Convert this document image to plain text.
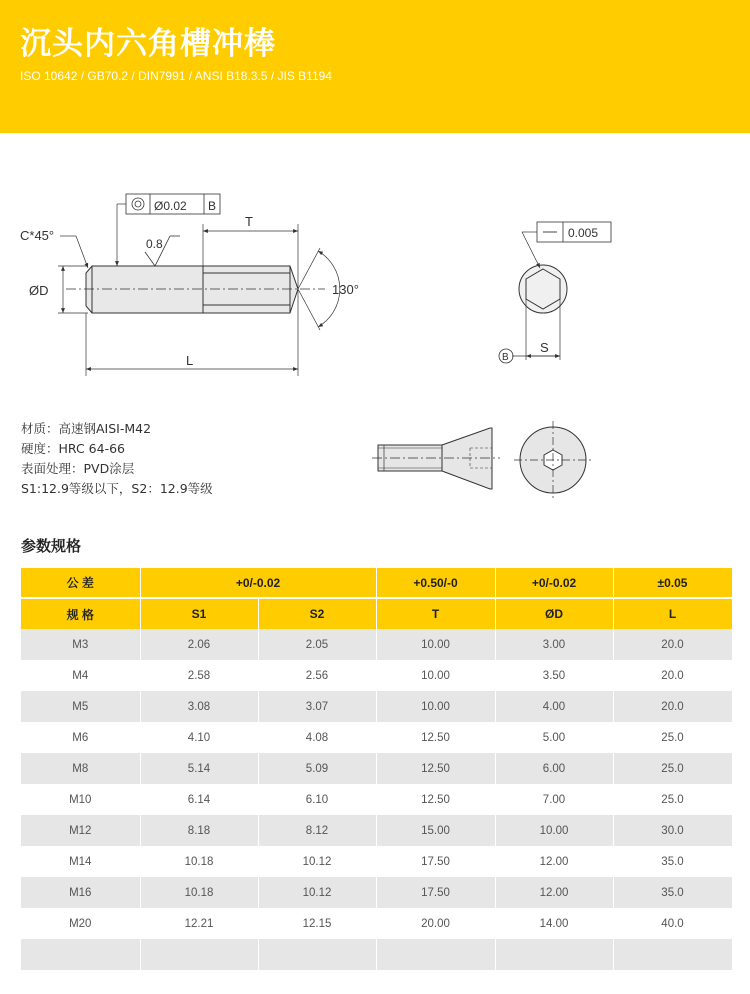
沉头内六角槽冲棒
ISO 10642 / GB70.2 / DIN7991 / ANSI B18.3.5 / JIS B1194
C*45°
ØD
Ø0.02 B
0.8
T
L
130°
0.005
S
B
材质：高速钢AISI-M42
硬度：HRC 64-66
表面处理：PVD涂层
S1:12.9等级以下，S2：12.9等级
参数规格
公 差	+0/-0.02		+0.50/-0	+0/-0.02	±0.05
规 格	S1	S2	T	ØD	L
M3	2.06	2.05	10.00	3.00	20.0
M4	2.58	2.56	10.00	3.50	20.0
M5	3.08	3.07	10.00	4.00	20.0
M6	4.10	4.08	12.50	5.00	25.0
M8	5.14	5.09	12.50	6.00	25.0
M10	6.14	6.10	12.50	7.00	25.0
M12	8.18	8.12	15.00	10.00	30.0
M14	10.18	10.12	17.50	12.00	35.0
M16	10.18	10.12	17.50	12.00	35.0
M20	12.21	12.15	20.00	14.00	40.0
